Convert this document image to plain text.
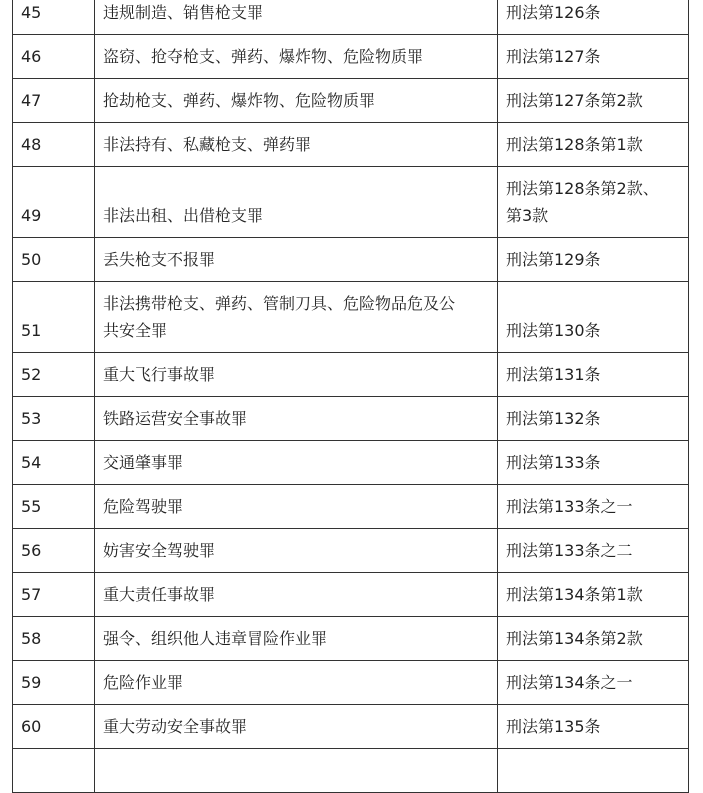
45	违规制造、销售枪支罪	刑法第126条
46	盗窃、抢夺枪支、弹药、爆炸物、危险物质罪	刑法第127条
47	抢劫枪支、弹药、爆炸物、危险物质罪	刑法第127条第2款
48	非法持有、私藏枪支、弹药罪	刑法第128条第1款
49	非法出租、出借枪支罪	刑法第128条第2款、
第3款

50	丢失枪支不报罪	刑法第129条
51	非法携带枪支、弹药、管制刀具、危险物品危及公
共安全罪	刑法第130条
52	重大飞行事故罪	刑法第131条
53	铁路运营安全事故罪	刑法第132条
54	交通肇事罪	刑法第133条
55	危险驾驶罪	刑法第133条之一
56	妨害安全驾驶罪	刑法第133条之二
57	重大责任事故罪	刑法第134条第1款
58	强令、组织他人违章冒险作业罪	刑法第134条第2款
59	危险作业罪	刑法第134条之一
60	重大劳动安全事故罪	刑法第135条
